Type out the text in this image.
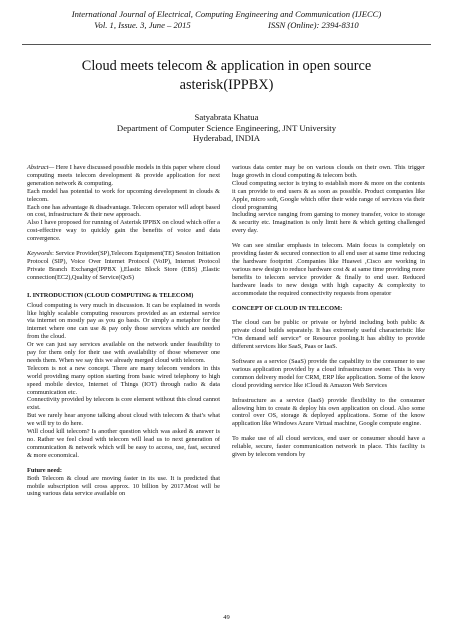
International Journal of Electrical, Computing Engineering and Communication (IJECC)
Vol. 1, Issue. 3, June – 2015                                    ISSN (Online): 2394-8310
Cloud meets telecom & application in open source
asterisk(IPPBX)
Satyabrata Khatua
Department of Computer Science Engineering, JNT University
Hyderabad, INDIA

Abstract— Here I have discussed possible models in this paper where cloud computing meets telecom development & provide application for next generation network & computing.

Each model has potential to work for upcoming development in clouds & telecom.

Each one has advantage & disadvantage. Telecom operator will adopt based on cost, infrastructure & their new approach.

Also I have proposed for running of Asterisk IPPBX on cloud which offer a cost-effective way to quickly gain the benefits of voice and data convergence.

Keywords: Service Provider(SP),Telecom Equipment(TE) Session Initiation Protocol (SIP), Voice Over Internet Protocol (VoIP), Internet Protocol Private Branch Exchange(IPPBX ),Elastic Block Store (EBS) ,Elastic connection(EC2),Quality of Service(QoS)

I. INTRODUCTION (CLOUD COMPUTING & TELECOM)

Cloud computing is very much in discussion. It can be explained in words like highly scalable computing resources provided as an external service via internet on mostly pay as you go basis. Or simply a metaphor for the internet where one can use & pay only those services which are needed from the cloud.

Or we can just say services available on the network under feasibility to pay for them only for their use with availability of those whenever one needs them. When we say this we already merged cloud with telecom.

Telecom is not a new concept. There are many telecom vendors in this world providing many option starting from basic wired telephony to high speed mobile device, Internet of Things (IOT) through radio & data communication etc.

Connectivity provided by telecom is core element without this cloud cannot exist.

But we rarely hear anyone talking about cloud with telecom & that’s what we will try to do here.

Will cloud kill telecom? Is another question which was asked & answer is no. Rather we feel cloud with telecom will lead us to next generation of communication & network which will be easy to access, use, fast, secured & more economical.

Future need:

Both Telecom & cloud are moving faster in its use. It is predicted that mobile subscription will cross approx. 10 billion by 2017.Most will be using various data service available on

various data center may be on various clouds on their own. This trigger huge growth in cloud computing & telecom both.

Cloud computing sector is trying to establish more & more on the contents it can provide to end users & as soon as possible. Product companies like Apple, micro soft, Google which offer their wide range of services via their cloud programing

Including service ranging from gaming to money transfer, voice to storage & security etc. Imagination is only limit here & which getting challenged every day.

We can see similar emphasis in telecom. Main focus is completely on providing faster & secured connection to all end user at same time reducing the hardware footprint .Companies like Huawei ,Cisco are working in various new design to reduce hardware cost & at same time providing more benefits to telecom service provider & finally to end user. Reduced hardware leads to new design with high capacity & complexity to accommodate the required connectivity requests from operator

CONCEPT OF CLOUD IN TELECOM:

The cloud can be public or private or hybrid including both public & private cloud builds separately. It has extremely useful characteristic like “On demand self service” or Resource pooling.It has ability to provide different services like SaaS, Paas or IaaS.

Software as a service (SaaS) provide the capability to the consumer to use various application provided by a cloud infrastructure owner. This is very common delivery model for CRM, ERP like application. Some of the know cloud providing service like iCloud & Amazon Web Services

Infrastructure as a service (IaaS) provide flexibility to the consumer allowing him to create & deploy his own application on cloud. Also some control over OS, storage & deployed applications. Some of the know application like Windows Azure Virtual machine, Google compute engine.

To make use of all cloud services, end user or consumer should have a reliable, secure, faster communication network in place. This facility is given by telecom vendors by

49
